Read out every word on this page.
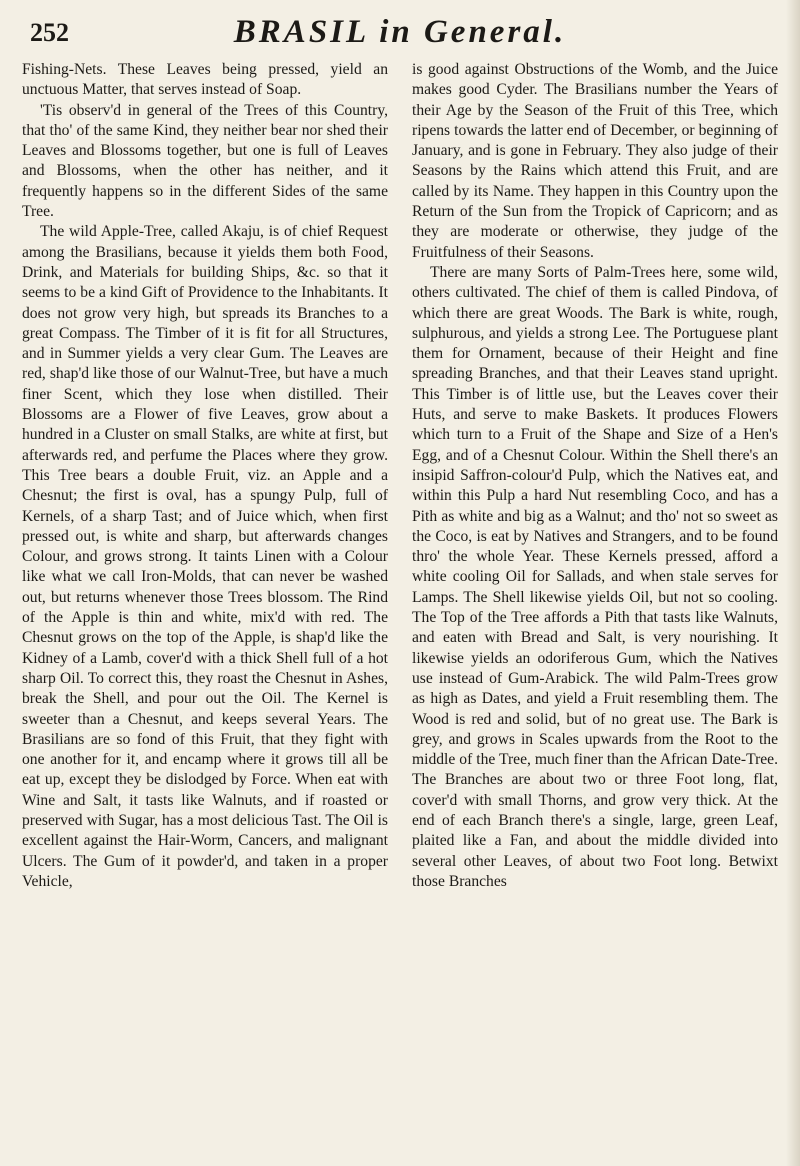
252	BRASIL in General.

Fishing-Nets. These Leaves being pressed, yield an unctuous Matter, that serves instead of Soap.

'Tis observ'd in general of the Trees of this Country, that tho' of the same Kind, they neither bear nor shed their Leaves and Blossoms together, but one is full of Leaves and Blossoms, when the other has neither, and it frequently happens so in the different Sides of the same Tree.

The wild Apple-Tree, called Akaju, is of chief Request among the Brasilians, because it yields them both Food, Drink, and Materials for building Ships, &c. so that it seems to be a kind Gift of Providence to the Inhabitants. It does not grow very high, but spreads its Branches to a great Compass. The Timber of it is fit for all Structures, and in Summer yields a very clear Gum. The Leaves are red, shap'd like those of our Walnut-Tree, but have a much finer Scent, which they lose when distilled. Their Blossoms are a Flower of five Leaves, grow about a hundred in a Cluster on small Stalks, are white at first, but afterwards red, and perfume the Places where they grow. This Tree bears a double Fruit, viz. an Apple and a Chesnut; the first is oval, has a spungy Pulp, full of Kernels, of a sharp Tast; and of Juice which, when first pressed out, is white and sharp, but afterwards changes Colour, and grows strong. It taints Linen with a Colour like what we call Iron-Molds, that can never be washed out, but returns whenever those Trees blossom. The Rind of the Apple is thin and white, mix'd with red. The Chesnut grows on the top of the Apple, is shap'd like the Kidney of a Lamb, cover'd with a thick Shell full of a hot sharp Oil. To correct this, they roast the Chesnut in Ashes, break the Shell, and pour out the Oil. The Kernel is sweeter than a Chesnut, and keeps several Years. The Brasilians are so fond of this Fruit, that they fight with one another for it, and encamp where it grows till all be eat up, except they be dislodged by Force. When eat with Wine and Salt, it tasts like Walnuts, and if roasted or preserved with Sugar, has a most delicious Tast. The Oil is excellent against the Hair-Worm, Cancers, and malignant Ulcers. The Gum of it powder'd, and taken in a proper Vehicle,

is good against Obstructions of the Womb, and the Juice makes good Cyder. The Brasilians number the Years of their Age by the Season of the Fruit of this Tree, which ripens towards the latter end of December, or beginning of January, and is gone in February. They also judge of their Seasons by the Rains which attend this Fruit, and are called by its Name. They happen in this Country upon the Return of the Sun from the Tropick of Capricorn; and as they are moderate or otherwise, they judge of the Fruitfulness of their Seasons.

There are many Sorts of Palm-Trees here, some wild, others cultivated. The chief of them is called Pindova, of which there are great Woods. The Bark is white, rough, sulphurous, and yields a strong Lee. The Portuguese plant them for Ornament, because of their Height and fine spreading Branches, and that their Leaves stand upright. This Timber is of little use, but the Leaves cover their Huts, and serve to make Baskets. It produces Flowers which turn to a Fruit of the Shape and Size of a Hen's Egg, and of a Chesnut Colour. Within the Shell there's an insipid Saffron-colour'd Pulp, which the Natives eat, and within this Pulp a hard Nut resembling Coco, and has a Pith as white and big as a Walnut; and tho' not so sweet as the Coco, is eat by Natives and Strangers, and to be found thro' the whole Year. These Kernels pressed, afford a white cooling Oil for Sallads, and when stale serves for Lamps. The Shell likewise yields Oil, but not so cooling. The Top of the Tree affords a Pith that tasts like Walnuts, and eaten with Bread and Salt, is very nourishing. It likewise yields an odoriferous Gum, which the Natives use instead of Gum-Arabick. The wild Palm-Trees grow as high as Dates, and yield a Fruit resembling them. The Wood is red and solid, but of no great use. The Bark is grey, and grows in Scales upwards from the Root to the middle of the Tree, much finer than the African Date-Tree. The Branches are about two or three Foot long, flat, cover'd with small Thorns, and grow very thick. At the end of each Branch there's a single, large, green Leaf, plaited like a Fan, and about the middle divided into several other Leaves, of about two Foot long. Betwixt those Branches
